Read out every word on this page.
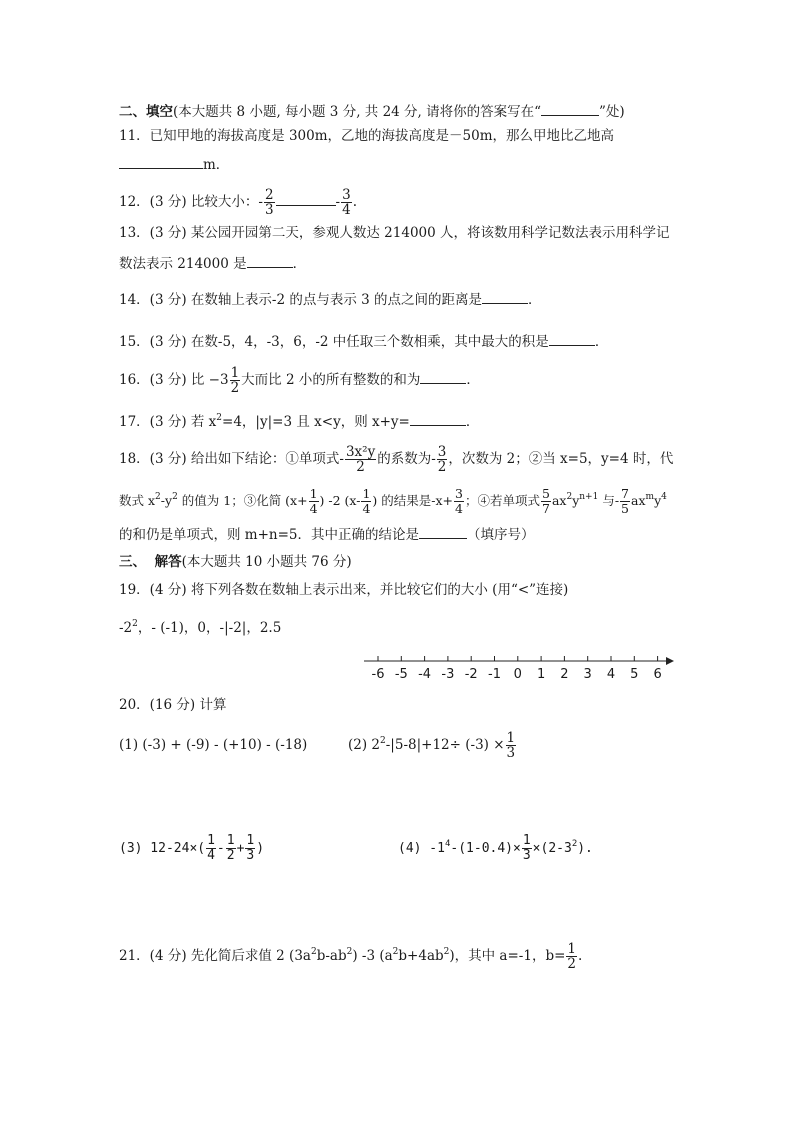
二、填空(本大题共 8 小题, 每小题 3 分, 共 24 分, 请将你的答案写在“	”处)
11．已知甲地的海拔高度是 300m，乙地的海拔高度是－50m，那么甲地比乙地高
m．
12．(3 分) 比较大小：- $\frac{2}{3}$	- $\frac{3}{4}$ .
13．(3 分) 某公园开园第二天，参观人数达 214000 人，将该数用科学记数法表示用科学记
数法表示 214000 是	．
14．(3 分) 在数轴上表示-2 的点与表示 3 的点之间的距离是	．
15．(3 分) 在数-5，4，-3，6，-2 中任取三个数相乘，其中最大的积是	．
16．(3 分) 比 $-3 \frac{1}{2}$ 大而比 2 小的所有整数的和为	．
17．(3 分) 若 $x^2=4$，|y|=3 且 x<y，则 x+y=	．
18．(3 分) 给出如下结论：①单项式- $\frac{\text{3x²y}}{2}$ 的系数为- $\frac{3}{2}$ ，次数为 2；②当 x=5，y=4 时，代
数式 $x^2-y^2$ 的值为 1；③化简 ($x+ \frac{1}{4}$ ) -2 ($x- \frac{1}{4}$ ) 的结果是$-x+ \frac{3}{4}$ ；④若单项式 $\frac{5}{7} ax^2y^{n+1}$ 与- $\frac{7}{5} ax^my^4$
的和仍是单项式，则 m+n=5．其中正确的结论是	（填序号）
三、 解答(本大题共 10 小题共 76 分)
19．(4 分) 将下列各数在数轴上表示出来，并比较它们的大小 (用“<”连接)
$-2^2$，- (-1)，0，-|-2|，2.5
-6 -5 -4 -3 -2 -1 0 1 2 3 4 5 6
20．(16 分) 计算
(1) (-3) + (-9) - (+10) - (-18)	(2) $2^2-|5-8|+12\div (-3) \times \frac{1}{3}$
(3) $12-24\times( \frac{1}{4} - \frac{1}{2} + \frac{1}{3}$ )	(4) $-1^4-(1-0.4)\times \frac{1}{3} \times(2-3^2)$.
21．(4 分) 先化简后求值 2 $(3a^2b-ab^2)$ -3 $(a^2b+4ab^2)$，其中 a=-1，$b= \frac{1}{2}$ .
